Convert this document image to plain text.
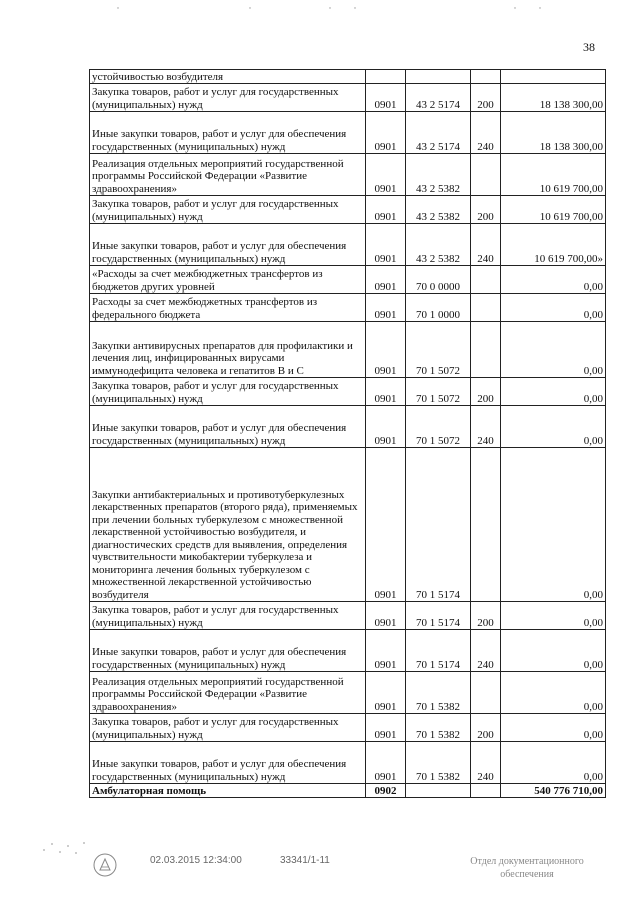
38
устойчивостью возбудителя				
Закупка товаров, работ и услуг для государственных (муниципальных) нужд	0901	43 2 5174	200	18 138 300,00
Иные закупки товаров, работ и услуг для обеспечения государственных (муниципальных) нужд	0901	43 2 5174	240	18 138 300,00
Реализация отдельных мероприятий государственной программы Российской Федерации «Развитие здравоохранения»	0901	43 2 5382		10 619 700,00
Закупка товаров, работ и услуг для государственных (муниципальных) нужд	0901	43 2 5382	200	10 619 700,00
Иные закупки товаров, работ и услуг для обеспечения государственных (муниципальных) нужд	0901	43 2 5382	240	10 619 700,00»
«Расходы за счет межбюджетных трансфертов из бюджетов других уровней	0901	70 0 0000		0,00
Расходы за счет межбюджетных трансфертов из федерального бюджета	0901	70 1 0000		0,00
Закупки антивирусных препаратов для профилактики и лечения лиц, инфицированных вирусами иммунодефицита человека и гепатитов В и С	0901	70 1 5072		0,00
Закупка товаров, работ и услуг для государственных (муниципальных) нужд	0901	70 1 5072	200	0,00
Иные закупки товаров, работ и услуг для обеспечения государственных (муниципальных) нужд	0901	70 1 5072	240	0,00
Закупки антибактериальных и противотуберкулезных лекарственных препаратов (второго ряда), применяемых при лечении больных туберкулезом с множественной лекарственной устойчивостью возбудителя, и диагностических средств для выявления, определения чувствительности микобактерии туберкулеза и мониторинга лечения больных туберкулезом с множественной лекарственной устойчивостью возбудителя	0901	70 1 5174		0,00
Закупка товаров, работ и услуг для государственных (муниципальных) нужд	0901	70 1 5174	200	0,00
Иные закупки товаров, работ и услуг для обеспечения государственных (муниципальных) нужд	0901	70 1 5174	240	0,00
Реализация отдельных мероприятий государственной программы Российской Федерации «Развитие здравоохранения»	0901	70 1 5382		0,00
Закупка товаров, работ и услуг для государственных (муниципальных) нужд	0901	70 1 5382	200	0,00
Иные закупки товаров, работ и услуг для обеспечения государственных (муниципальных) нужд	0901	70 1 5382	240	0,00
Амбулаторная помощь	0902			540 776 710,00
02.03.2015 12:34:00	33341/1-11	Отдел документационного
обеспечения
